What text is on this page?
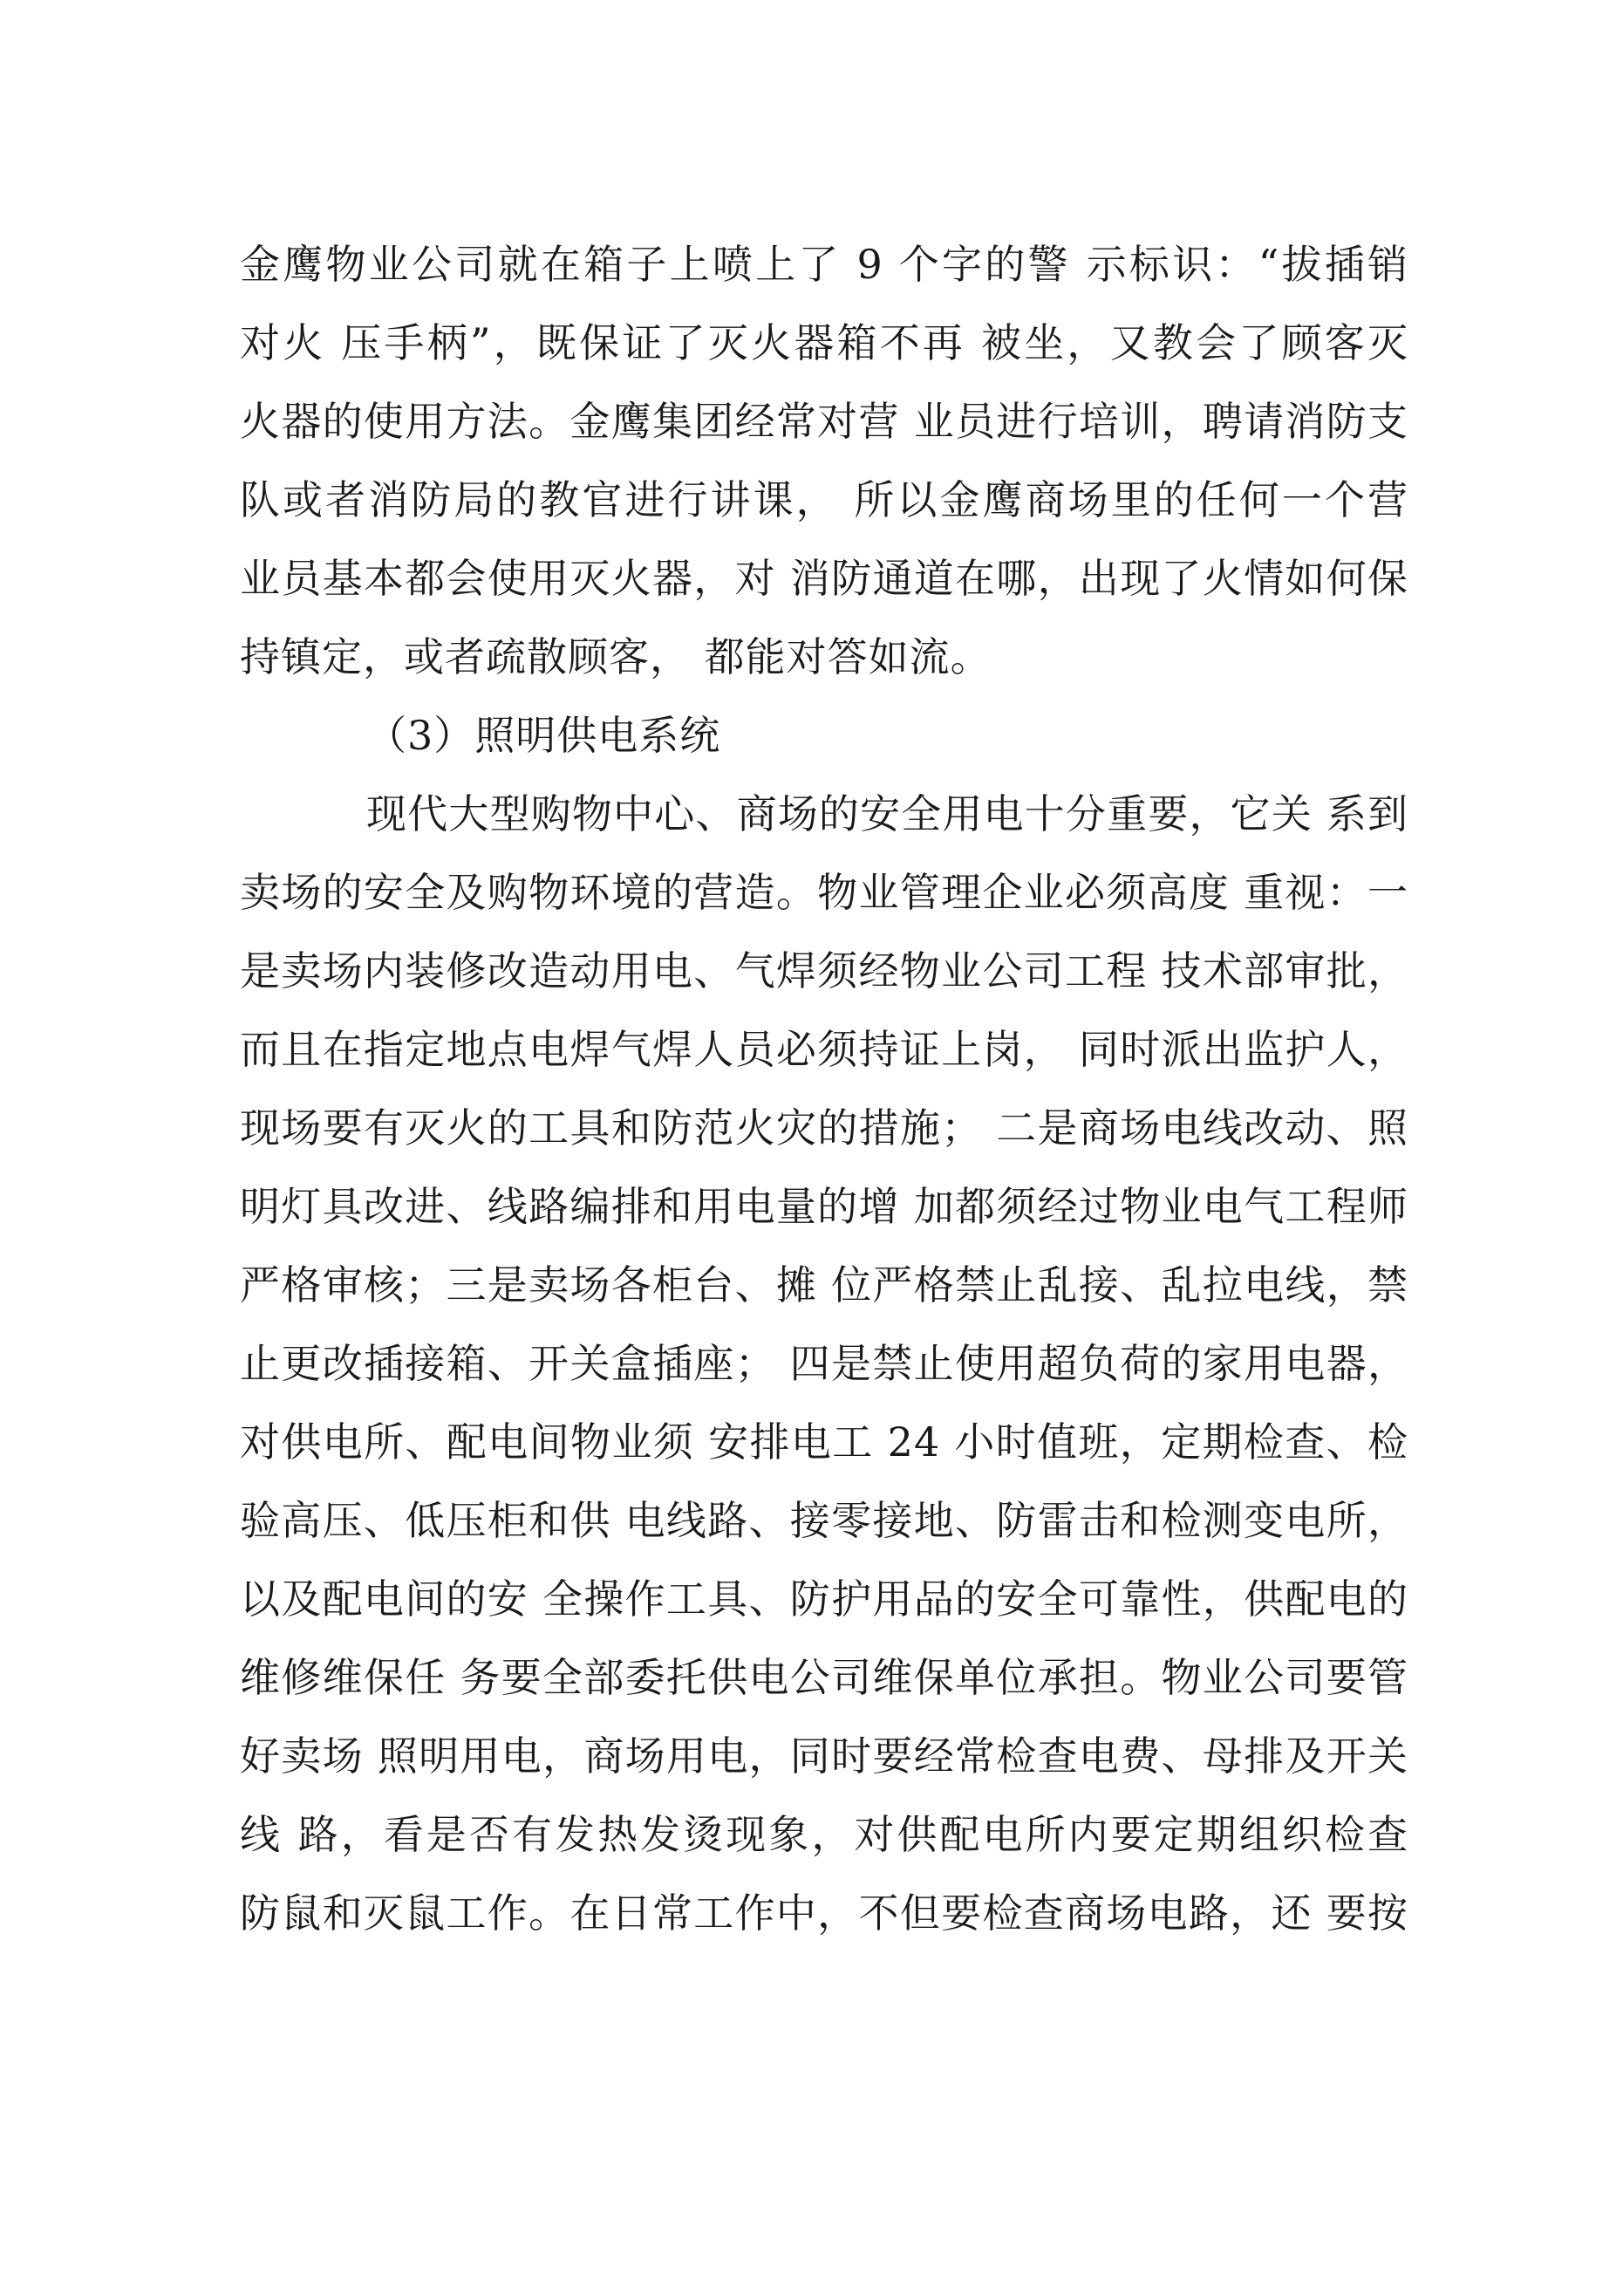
金鹰物业公司就在箱子上喷上了 9 个字的警 示标识：“拔插销
对火 压手柄”，既保证了灭火器箱不再 被坐，又教会了顾客灭
火器的使用方法。金鹰集团经常对营 业员进行培训，聘请消防支
队或者消防局的教官进行讲课， 所以金鹰商场里的任何一个营
业员基本都会使用灭火器，对 消防通道在哪，出现了火情如何保
持镇定，或者疏散顾客， 都能对答如流。
（3）照明供电系统
现代大型购物中心、商场的安全用电十分重要，它关 系到
卖场的安全及购物环境的营造。物业管理企业必须高度 重视：一
是卖场内装修改造动用电、气焊须经物业公司工程 技术部审批，
而且在指定地点电焊气焊人员必须持证上岗， 同时派出监护人，
现场要有灭火的工具和防范火灾的措施； 二是商场电线改动、照
明灯具改进、线路编排和用电量的增 加都须经过物业电气工程师
严格审核；三是卖场各柜台、摊 位严格禁止乱接、乱拉电线，禁
止更改插接箱、开关盒插座； 四是禁止使用超负荷的家用电器，
对供电所、配电间物业须 安排电工 24 小时值班，定期检查、检
验高压、低压柜和供 电线路、接零接地、防雷击和检测变电所，
以及配电间的安 全操作工具、防护用品的安全可靠性，供配电的
维修维保任 务要全部委托供电公司维保单位承担。物业公司要管
好卖场 照明用电，商场用电，同时要经常检查电费、母排及开关
线 路，看是否有发热发烫现象，对供配电所内要定期组织检查
防鼠和灭鼠工作。在日常工作中，不但要检查商场电路，还 要按
